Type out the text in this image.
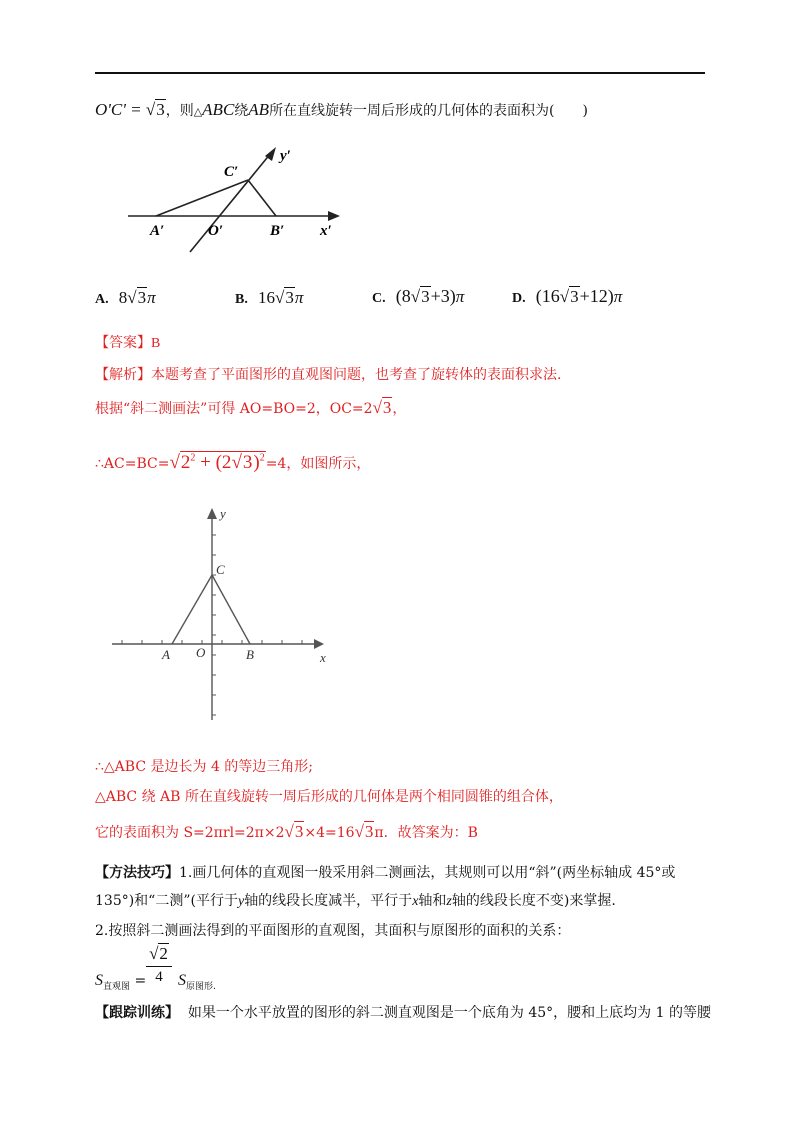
O'C' = √3，则△ABC绕AB所在直线旋转一周后形成的几何体的表面积为(　　)
C′
y′
A′	O′	B′ x′
A. 8√3π	B. 16√3π	C. (8√3+3)π	D. (16√3+12)π
【答案】B
【解析】本题考查了平面图形的直观图问题，也考查了旋转体的表面积求法.
根据“斜二测画法”可得 AO=BO=2，OC=2√3，
$\therefore AC=BC=√2^2 + (2√3)^2=4$，如图所示，
y
C
A O	B	x
∴△ABC 是边长为 4 的等边三角形;
△ABC 绕 AB 所在直线旋转一周后形成的几何体是两个相同圆锥的组合体，
它的表面积为 S=2πrl=2π×2√3×4=16√3π．故答案为：B
【方法技巧】1.画几何体的直观图一般采用斜二测画法，其规则可以用“斜”(两坐标轴成 45°或
135°)和“二测”(平行于y轴的线段长度减半，平行于x轴和z轴的线段长度不变)来掌握.
2.按照斜二测画法得到的平面图形的直观图，其面积与原图形的面积的关系：
$\frac{√2}{4}$
$S_{直观图} = S_{原图形.}$
【跟踪训练】 如果一个水平放置的图形的斜二测直观图是一个底角为 45°，腰和上底均为 1 的等腰
